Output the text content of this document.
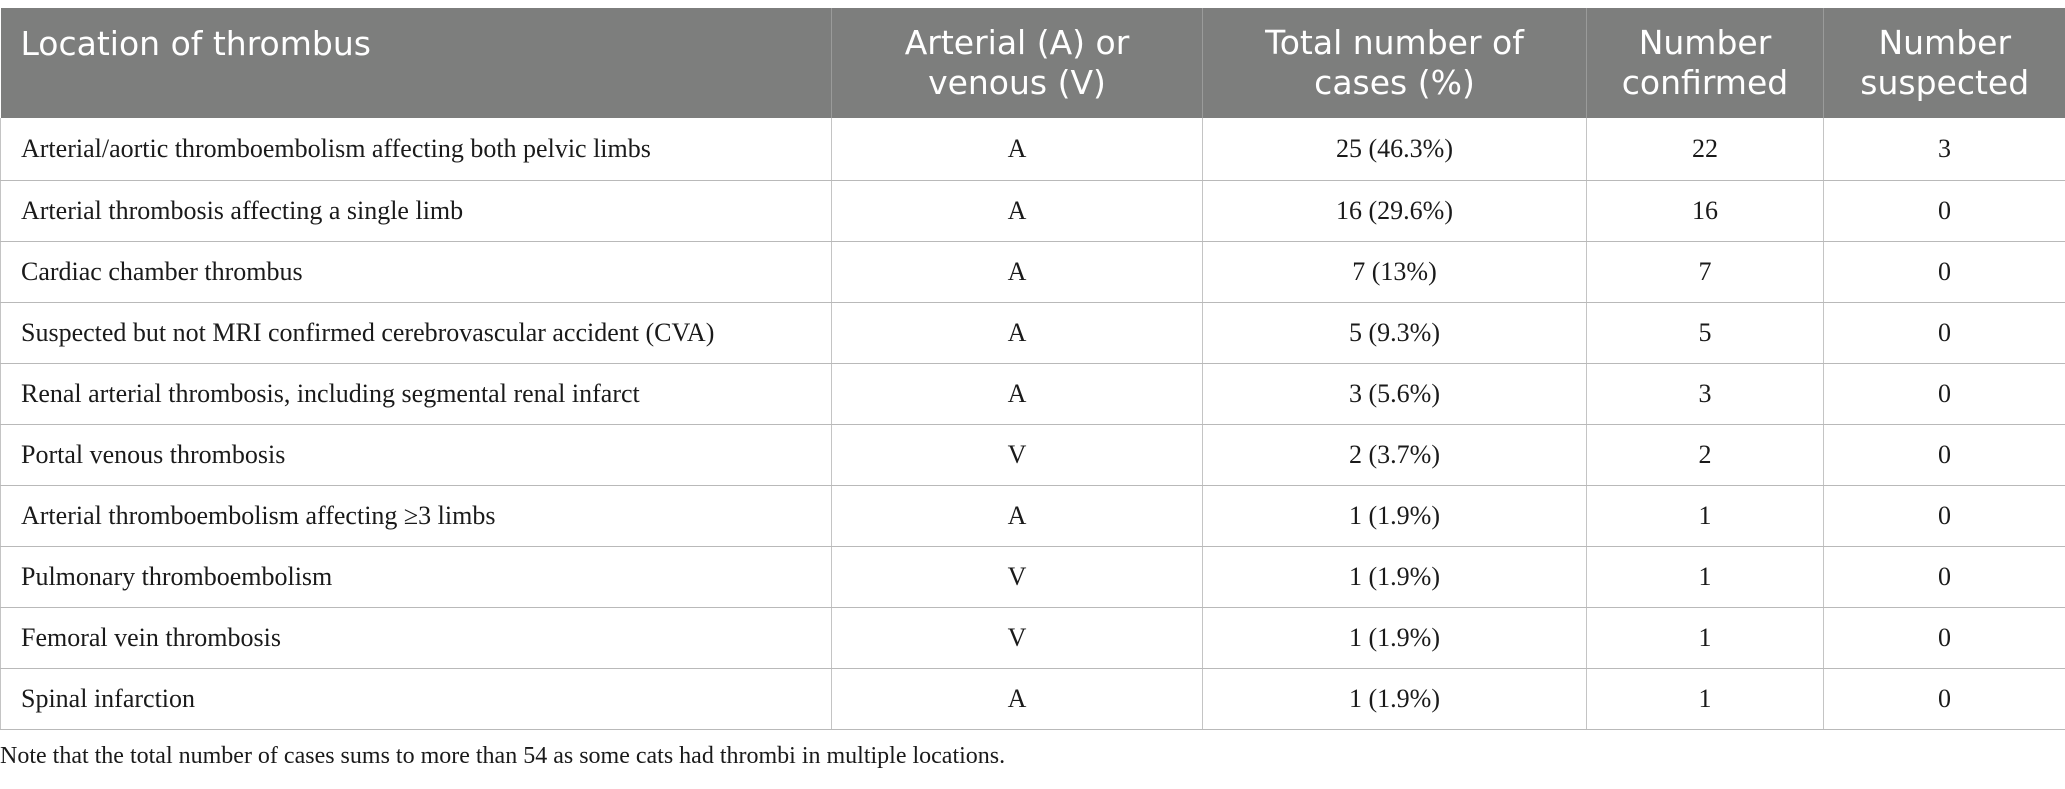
Location of thrombus	Arterial (A) or venous (V)	Total number of cases (%)	Number confirmed	Number suspected
Arterial/aortic thromboembolism affecting both pelvic limbs	A	25 (46.3%)	22	3
Arterial thrombosis affecting a single limb	A	16 (29.6%)	16	0
Cardiac chamber thrombus	A	7 (13%)	7	0
Suspected but not MRI confirmed cerebrovascular accident (CVA)	A	5 (9.3%)	5	0
Renal arterial thrombosis, including segmental renal infarct	A	3 (5.6%)	3	0
Portal venous thrombosis	V	2 (3.7%)	2	0
Arterial thromboembolism affecting ≥3 limbs	A	1 (1.9%)	1	0
Pulmonary thromboembolism	V	1 (1.9%)	1	0
Femoral vein thrombosis	V	1 (1.9%)	1	0
Spinal infarction	A	1 (1.9%)	1	0
Note that the total number of cases sums to more than 54 as some cats had thrombi in multiple locations.
